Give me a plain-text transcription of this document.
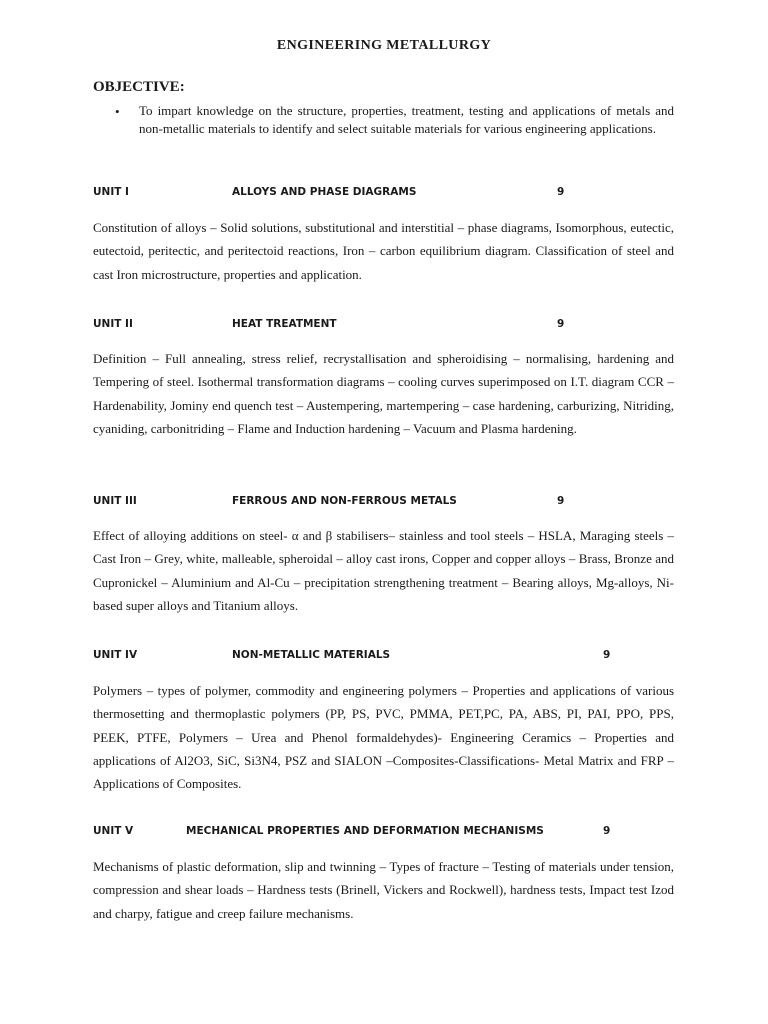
ENGINEERING METALLURGY
OBJECTIVE:
• To impart knowledge on the structure, properties, treatment, testing and applications of metals and non-metallic materials to identify and select suitable materials for various engineering applications.
UNIT I	ALLOYS AND PHASE DIAGRAMS	9
Constitution of alloys – Solid solutions, substitutional and interstitial – phase diagrams, Isomorphous, eutectic, eutectoid, peritectic, and peritectoid reactions, Iron – carbon equilibrium diagram. Classification of steel and cast Iron microstructure, properties and application.
UNIT II	HEAT TREATMENT	9
Definition – Full annealing, stress relief, recrystallisation and spheroidising – normalising, hardening and Tempering of steel. Isothermal transformation diagrams – cooling curves superimposed on I.T. diagram CCR – Hardenability, Jominy end quench test – Austempering, martempering – case hardening, carburizing, Nitriding, cyaniding, carbonitriding – Flame and Induction hardening – Vacuum and Plasma hardening.
UNIT III	FERROUS AND NON-FERROUS METALS	9
Effect of alloying additions on steel- α and β stabilisers– stainless and tool steels – HSLA, Maraging steels – Cast Iron – Grey, white, malleable, spheroidal – alloy cast irons, Copper and copper alloys – Brass, Bronze and Cupronickel – Aluminium and Al-Cu – precipitation strengthening treatment – Bearing alloys, Mg-alloys, Ni-based super alloys and Titanium alloys.
UNIT IV	NON-METALLIC MATERIALS	9
Polymers – types of polymer, commodity and engineering polymers – Properties and applications of various thermosetting and thermoplastic polymers (PP, PS, PVC, PMMA, PET,PC, PA, ABS, PI, PAI, PPO, PPS, PEEK, PTFE, Polymers – Urea and Phenol formaldehydes)- Engineering Ceramics – Properties and applications of Al2O3, SiC, Si3N4, PSZ and SIALON –Composites-Classifications- Metal Matrix and FRP – Applications of Composites.
UNIT V	MECHANICAL PROPERTIES AND DEFORMATION MECHANISMS	9
Mechanisms of plastic deformation, slip and twinning – Types of fracture – Testing of materials under tension, compression and shear loads – Hardness tests (Brinell, Vickers and Rockwell), hardness tests, Impact test Izod and charpy, fatigue and creep failure mechanisms.
